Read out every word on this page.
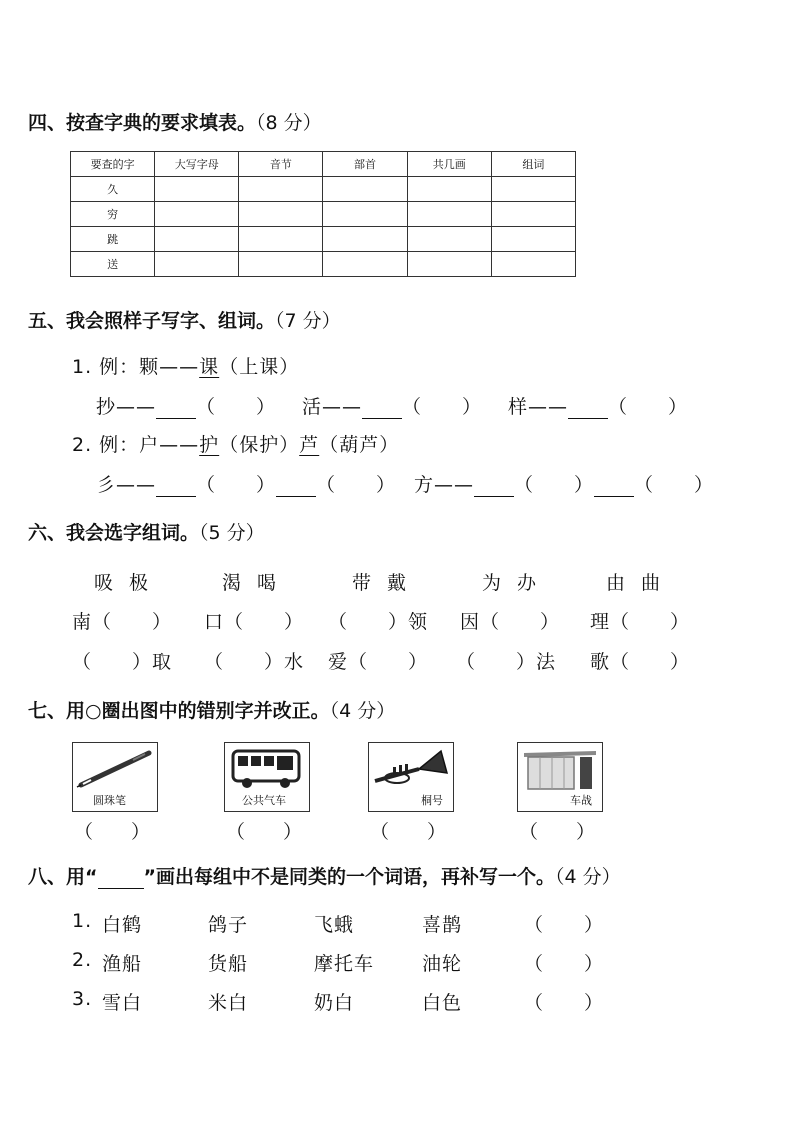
四、按查字典的要求填表。（8 分）
要查的字	大写字母	音节	部首	共几画	组词
久					
穷					
跳					
送					
五、我会照样子写字、组词。（7 分）
1. 例：颗——课（上课）
抄—— （　　） 活—— （　　） 样—— （　　）
2. 例：户——护（保护）芦（葫芦）
彡—— （　　） （　　） 方—— （　　） （　　）
六、我会选字组词。（5 分）
吸 极	渴 喝	带 戴	为 办	由 曲
南（　　） 口（　　） （　　）领 因（　　） 理（　　）
（　　）取 （　　）水 爱（　　） （　　）法 歌（　　）
七、用○圈出图中的错别字并改正。（4 分）
圆珠笔	公共气车	桐号	车战
（　　）	（　　）	（　　）	（　　）
八、用“ ”画出每组中不是同类的一个词语，再补写一个。（4 分）
1. 白鹤	鸽子	飞蛾	喜鹊	（　　）
2. 渔船	货船	摩托车	油轮	（　　）
3. 雪白	米白	奶白	白色	（　　）
